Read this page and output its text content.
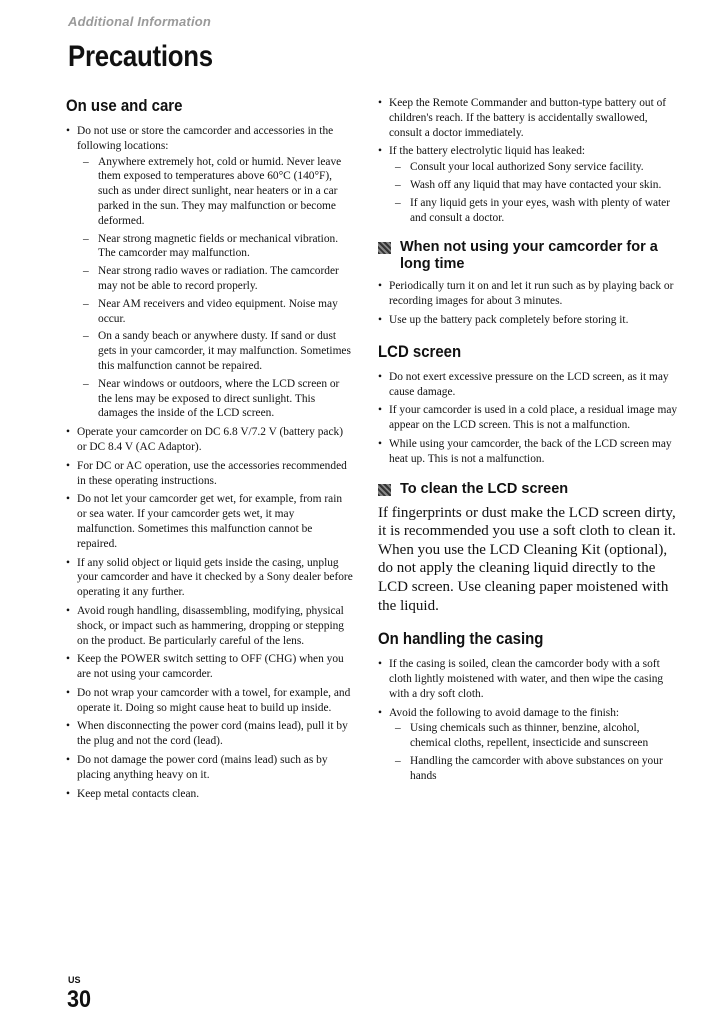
Additional Information
Precautions
On use and care
• Do not use or store the camcorder and accessories in the following locations:
– Anywhere extremely hot, cold or humid. Never leave them exposed to temperatures above 60°C (140°F), such as under direct sunlight, near heaters or in a car parked in the sun. They may malfunction or become deformed.
– Near strong magnetic fields or mechanical vibration. The camcorder may malfunction.
– Near strong radio waves or radiation. The camcorder may not be able to record properly.
– Near AM receivers and video equipment. Noise may occur.
– On a sandy beach or anywhere dusty. If sand or dust gets in your camcorder, it may malfunction. Sometimes this malfunction cannot be repaired.
– Near windows or outdoors, where the LCD screen or the lens may be exposed to direct sunlight. This damages the inside of the LCD screen.
• Operate your camcorder on DC 6.8 V/7.2 V (battery pack) or DC 8.4 V (AC Adaptor).
• For DC or AC operation, use the accessories recommended in these operating instructions.
• Do not let your camcorder get wet, for example, from rain or sea water. If your camcorder gets wet, it may malfunction. Sometimes this malfunction cannot be repaired.
• If any solid object or liquid gets inside the casing, unplug your camcorder and have it checked by a Sony dealer before operating it any further.
• Avoid rough handling, disassembling, modifying, physical shock, or impact such as hammering, dropping or stepping on the product. Be particularly careful of the lens.
• Keep the POWER switch setting to OFF (CHG) when you are not using your camcorder.
• Do not wrap your camcorder with a towel, for example, and operate it. Doing so might cause heat to build up inside.
• When disconnecting the power cord (mains lead), pull it by the plug and not the cord (lead).
• Do not damage the power cord (mains lead) such as by placing anything heavy on it.
• Keep metal contacts clean.
• Keep the Remote Commander and button-type battery out of children's reach. If the battery is accidentally swallowed, consult a doctor immediately.
• If the battery electrolytic liquid has leaked:
– Consult your local authorized Sony service facility.
– Wash off any liquid that may have contacted your skin.
– If any liquid gets in your eyes, wash with plenty of water and consult a doctor.
When not using your camcorder for a long time
• Periodically turn it on and let it run such as by playing back or recording images for about 3 minutes.
• Use up the battery pack completely before storing it.
LCD screen
• Do not exert excessive pressure on the LCD screen, as it may cause damage.
• If your camcorder is used in a cold place, a residual image may appear on the LCD screen. This is not a malfunction.
• While using your camcorder, the back of the LCD screen may heat up. This is not a malfunction.
To clean the LCD screen

If fingerprints or dust make the LCD screen dirty, it is recommended you use a soft cloth to clean it. When you use the LCD Cleaning Kit (optional), do not apply the cleaning liquid directly to the LCD screen. Use cleaning paper moistened with the liquid.

On handling the casing
• If the casing is soiled, clean the camcorder body with a soft cloth lightly moistened with water, and then wipe the casing with a dry soft cloth.
• Avoid the following to avoid damage to the finish:
– Using chemicals such as thinner, benzine, alcohol, chemical cloths, repellent, insecticide and sunscreen
– Handling the camcorder with above substances on your hands
US
30
